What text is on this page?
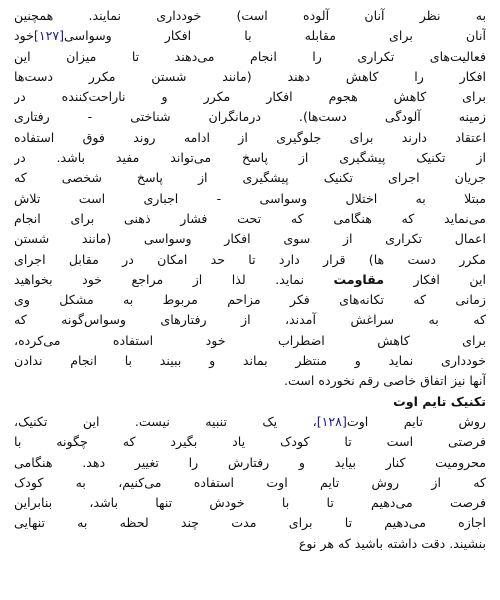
به نظر آنان آلوده است) خودداری نمایند. همچنین
آنان برای مقابله با افکار وسواسی[۱۲۷]خود
فعالیت‌های تکراری را انجام می‌دهند تا میزان این
افکار را کاهش دهند (مانند شستن مکرر دست‌ها
برای کاهش هجوم افکار مکرر و ناراحت‌کننده در
زمینه آلودگی دست‌ها). درمانگران شناختی - رفتاری
اعتقاد دارند برای جلوگیری از ادامه روند فوق استفاده
از تکنیک پیشگیری از پاسخ می‌تواند مفید باشد. در
جریان اجرای تکنیک پیشگیری از پاسخ شخصی که
مبتلا به اختلال وسواسی - اجباری است تلاش
می‌نماید که هنگامی که تحت فشار ذهنی برای انجام
اعمال تکراری از سوی افکار وسواسی (مانند شستن
مکرر دست ها) قرار دارد تا حد امکان در مقابل اجرای
این افکار مقاومت نماید. لذا از مراجع خود بخواهید
زمانی که تکانه‌های فکر مزاحم مربوط به مشکل وی
که به سراغش آمدند، از رفتارهای وسواس‌گونه که
برای کاهش اضطراب خود استفاده می‌کرده،
خودداری نماید و منتظر بماند و ببیند با انجام ندادن
آنها نیز اتفاق خاصی رقم نخورده است.
تکنیک تایم اوت
روش تایم اوت[۱۲۸]، یک تنبیه نیست. این تکنیک،
فرصتی است تا کودک یاد بگیرد که چگونه با
محرومیت کنار بیاید و رفتارش را تغییر دهد. هنگامی
که از روش تایم اوت استفاده می‌کنیم، به کودک
فرصت می‌دهیم تا با خودش تنها باشد، بنابراین
اجازه می‌دهیم تا برای مدت چند لحظه به تنهایی
بنشیند. دقت داشته باشید که هر نوع
